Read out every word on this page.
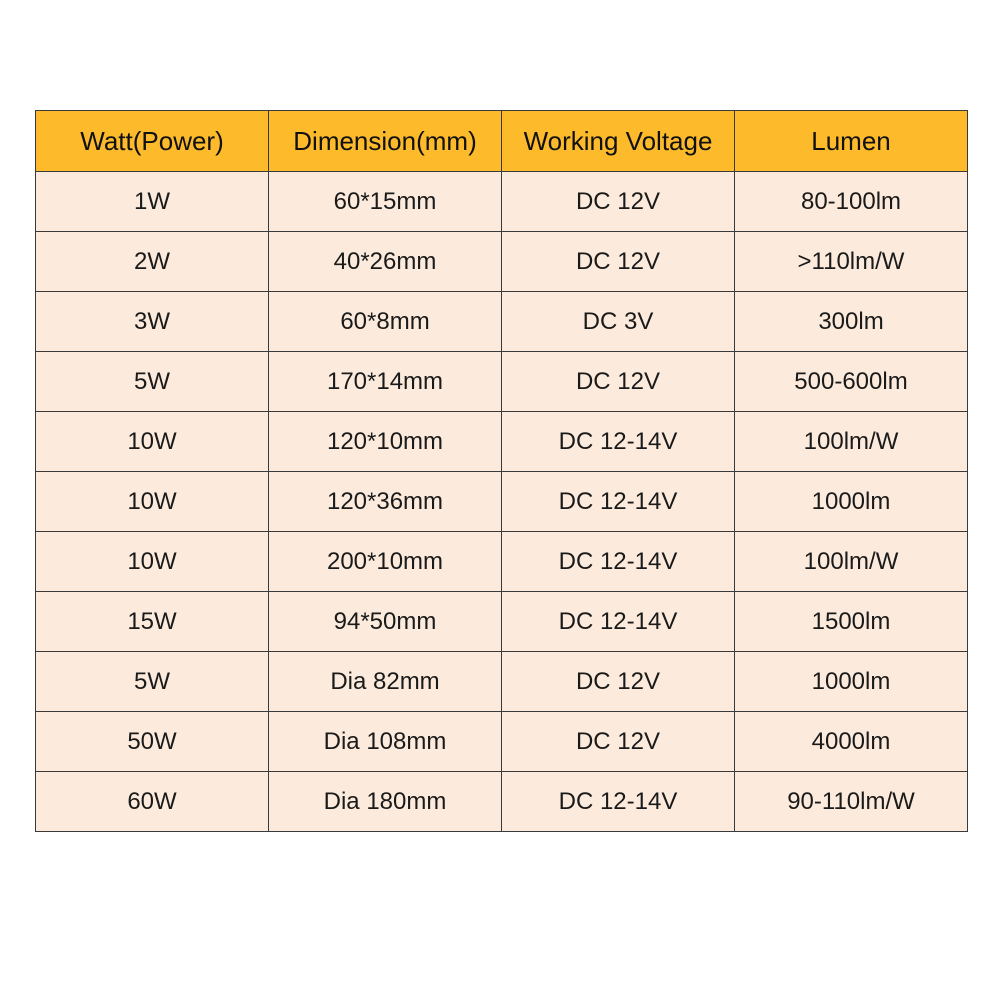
Watt(Power)	Dimension(mm)	Working Voltage	Lumen
1W	60*15mm	DC 12V	80-100lm
2W	40*26mm	DC 12V	>110lm/W
3W	60*8mm	DC 3V	300lm
5W	170*14mm	DC 12V	500-600lm
10W	120*10mm	DC 12-14V	100lm/W
10W	120*36mm	DC 12-14V	1000lm
10W	200*10mm	DC 12-14V	100lm/W
15W	94*50mm	DC 12-14V	1500lm
5W	Dia 82mm	DC 12V	1000lm
50W	Dia 108mm	DC 12V	4000lm
60W	Dia 180mm	DC 12-14V	90-110lm/W
